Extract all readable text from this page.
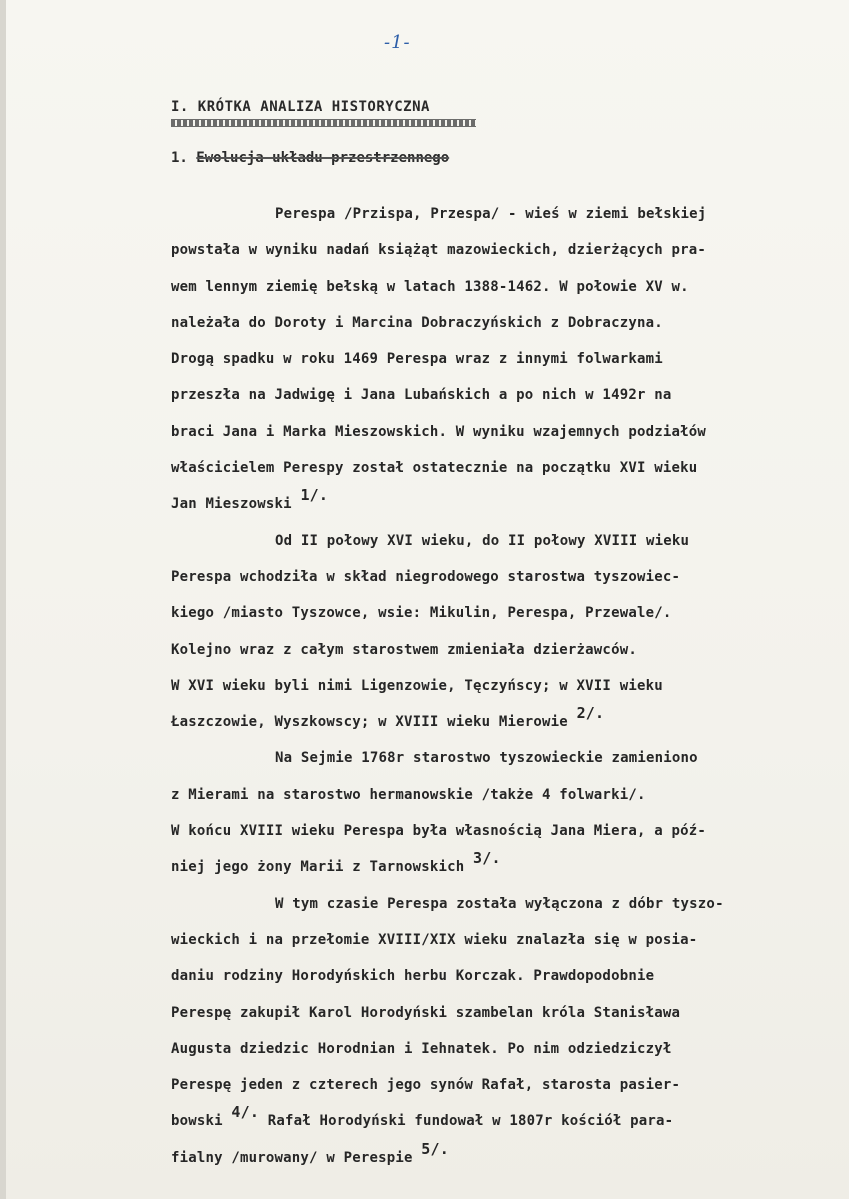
-1-
I. KRÓTKA ANALIZA HISTORYCZNA
1. Ewolucja układu przestrzennego
Perespa /Przispa, Przespa/ - wieś w ziemi bełskiej
powstała w wyniku nadań książąt mazowieckich, dzierżących pra-
wem lennym ziemię bełską w latach 1388-1462. W połowie XV w.
należała do Doroty i Marcina Dobraczyńskich z Dobraczyna.
Drogą spadku w roku 1469 Perespa wraz z innymi folwarkami
przeszła na Jadwigę i Jana Lubańskich a po nich w 1492r na
braci Jana i Marka Mieszowskich. W wyniku wzajemnych podziałów
właścicielem Perespy został ostatecznie na początku XVI wieku
Jan Mieszowski $^{1/.}$
Od II połowy XVI wieku, do II połowy XVIII wieku
Perespa wchodziła w skład niegrodowego starostwa tyszowiec-
kiego /miasto Tyszowce, wsie: Mikulin, Perespa, Przewale/.
Kolejno wraz z całym starostwem zmieniała dzierżawców.
W XVI wieku byli nimi Ligenzowie, Tęczyńscy; w XVII wieku
Łaszczowie, Wyszkowscy; w XVIII wieku Mierowie $^{2/.}$
Na Sejmie 1768r starostwo tyszowieckie zamieniono
z Mierami na starostwo hermanowskie /także 4 folwarki/.
W końcu XVIII wieku Perespa była własnością Jana Miera, a póź-
niej jego żony Marii z Tarnowskich $^{3/.}$
W tym czasie Perespa została wyłączona z dóbr tyszo-
wieckich i na przełomie XVIII/XIX wieku znalazła się w posia-
daniu rodziny Horodyńskich herbu Korczak. Prawdopodobnie
Perespę zakupił Karol Horodyński szambelan króla Stanisława
Augusta dziedzic Horodnian i Iehnatek. Po nim odziedziczył
Perespę jeden z czterech jego synów Rafał, starosta pasier-
bowski $^{4/.}$ Rafał Horodyński fundował w 1807r kościół para-
fialny /murowany/ w Perespie $^{5/.}$
